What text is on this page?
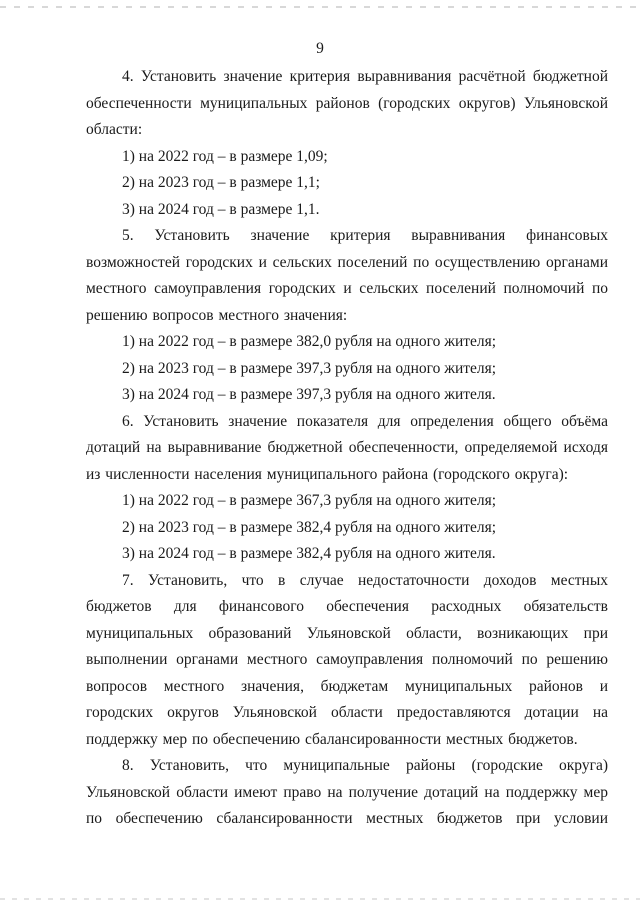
9

4. Установить значение критерия выравнивания расчётной бюджетной обеспеченности муниципальных районов (городских округов) Ульяновской области:

1) на 2022 год – в размере 1,09;

2) на 2023 год – в размере 1,1;

3) на 2024 год – в размере 1,1.

5. Установить значение критерия выравнивания финансовых возможностей городских и сельских поселений по осуществлению органами местного самоуправления городских и сельских поселений полномочий по решению вопросов местного значения:

1) на 2022 год – в размере 382,0 рубля на одного жителя;

2) на 2023 год – в размере 397,3 рубля на одного жителя;

3) на 2024 год – в размере 397,3 рубля на одного жителя.

6. Установить значение показателя для определения общего объёма дотаций на выравнивание бюджетной обеспеченности, определяемой исходя из численности населения муниципального района (городского округа):

1) на 2022 год – в размере 367,3 рубля на одного жителя;

2) на 2023 год – в размере 382,4 рубля на одного жителя;

3) на 2024 год – в размере 382,4 рубля на одного жителя.

7. Установить, что в случае недостаточности доходов местных бюджетов для финансового обеспечения расходных обязательств муниципальных образований Ульяновской области, возникающих при выполнении органами местного самоуправления полномочий по решению вопросов местного значения, бюджетам муниципальных районов и городских округов Ульяновской области предоставляются дотации на поддержку мер по обеспечению сбалансированности местных бюджетов.

8. Установить, что муниципальные районы (городские округа) Ульяновской области имеют право на получение дотаций на поддержку мер по обеспечению сбалансированности местных бюджетов при условии
